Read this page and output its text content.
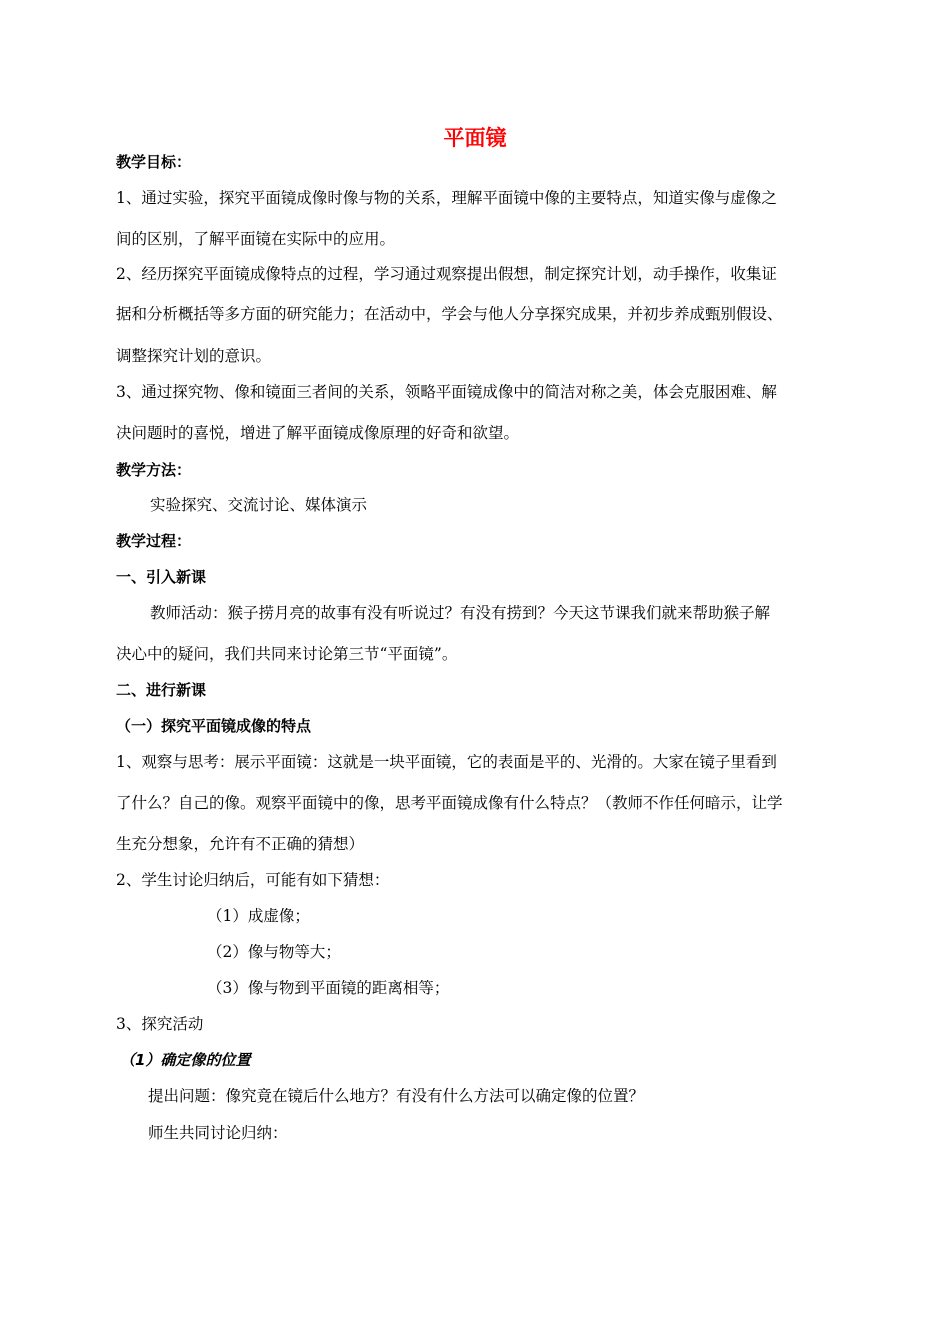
平面镜
教学目标：
1、通过实验，探究平面镜成像时像与物的关系，理解平面镜中像的主要特点，知道实像与虚像之
间的区别，了解平面镜在实际中的应用。
2、经历探究平面镜成像特点的过程，学习通过观察提出假想，制定探究计划，动手操作，收集证
据和分析概括等多方面的研究能力；在活动中，学会与他人分享探究成果，并初步养成甄别假设、
调整探究计划的意识。
3、通过探究物、像和镜面三者间的关系，领略平面镜成像中的简洁对称之美，体会克服困难、解
决问题时的喜悦，增进了解平面镜成像原理的好奇和欲望。
教学方法：
实验探究、交流讨论、媒体演示
教学过程：
一、引入新课
教师活动：猴子捞月亮的故事有没有听说过？有没有捞到？今天这节课我们就来帮助猴子解
决心中的疑问，我们共同来讨论第三节“平面镜”。
二、进行新课
（一）探究平面镜成像的特点
1、观察与思考：展示平面镜：这就是一块平面镜，它的表面是平的、光滑的。大家在镜子里看到
了什么？自己的像。观察平面镜中的像，思考平面镜成像有什么特点？（教师不作任何暗示，让学
生充分想象，允许有不正确的猜想）
2、学生讨论归纳后，可能有如下猜想：
（1）成虚像；
（2）像与物等大；
（3）像与物到平面镜的距离相等；
3、探究活动
（1）确定像的位置
提出问题：像究竟在镜后什么地方？有没有什么方法可以确定像的位置？
师生共同讨论归纳：
